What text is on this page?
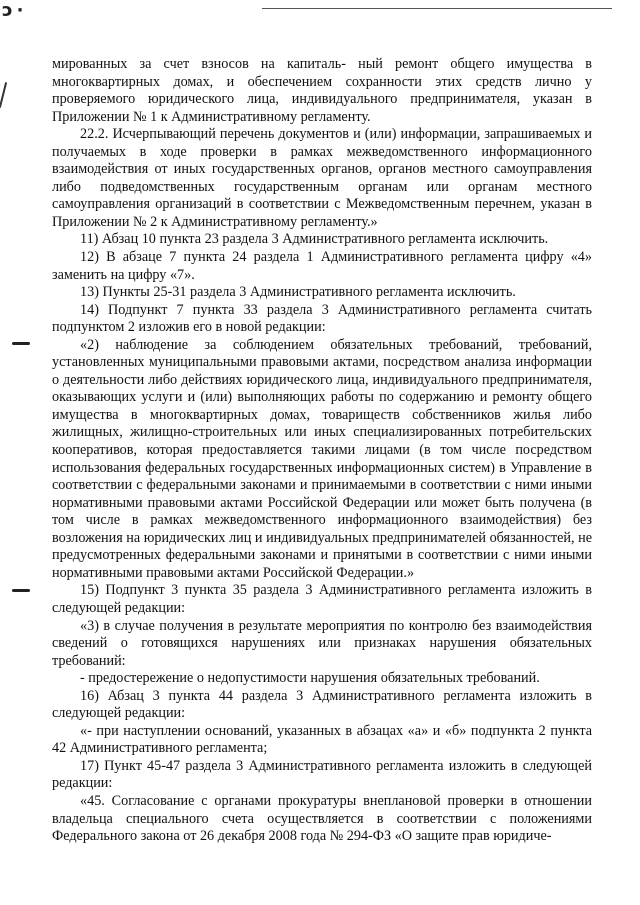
ͻ·

мированных за счет взносов на капиталь- ный ремонт общего имущества в многоквартирных домах, и обеспечением сохранности этих средств лично у проверяемого юридического лица, индивидуального предпринимателя, указан в Приложении № 1 к Административному регламенту.

22.2. Исчерпывающий перечень документов и (или) информации, запрашиваемых и получаемых в ходе проверки в рамках межведомственного информационного взаимодействия от иных государственных органов, органов местного самоуправления либо подведомственных государственным органам или органам местного самоуправления организаций в соответствии с Межведомственным перечнем, указан в Приложении № 2 к Административному регламенту.»

11) Абзац 10 пункта 23 раздела 3 Административного регламента исключить.

12) В абзаце 7 пункта 24 раздела 1 Административного регламента цифру «4» заменить на цифру «7».

13) Пункты 25-31 раздела 3 Административного регламента исключить.

14) Подпункт 7 пункта 33 раздела 3 Административного регламента считать подпунктом 2 изложив его в новой редакции:

«2) наблюдение за соблюдением обязательных требований, требований, установленных муниципальными правовыми актами, посредством анализа информации о деятельности либо действиях юридического лица, индивидуального предпринимателя, оказывающих услуги и (или) выполняющих работы по содержанию и ремонту общего имущества в многоквартирных домах, товариществ собственников жилья либо жилищных, жилищно-строительных или иных специализированных потребительских кооперативов, которая предоставляется такими лицами (в том числе посредством использования федеральных государственных информационных систем) в Управление в соответствии с федеральными законами и принимаемыми в соответствии с ними иными нормативными правовыми актами Российской Федерации или может быть получена (в том числе в рамках межведомственного информационного взаимодействия) без возложения на юридических лиц и индивидуальных предпринимателей обязанностей, не предусмотренных федеральными законами и принятыми в соответствии с ними иными нормативными правовыми актами Российской Федерации.»

15) Подпункт 3 пункта 35 раздела 3 Административного регламента изложить в следующей редакции:

«3) в случае получения в результате мероприятия по контролю без взаимодействия сведений о готовящихся нарушениях или признаках нарушения обязательных требований:

- предостережение о недопустимости нарушения обязательных требований.

16) Абзац 3 пункта 44 раздела 3 Административного регламента изложить в следующей редакции:

«- при наступлении оснований, указанных в абзацах «а» и «б» подпункта 2 пункта 42 Административного регламента;

17) Пункт 45-47 раздела 3 Административного регламента изложить в следующей редакции:

«45. Согласование с органами прокуратуры внеплановой проверки в отношении владельца специального счета осуществляется в соответствии с положениями Федерального закона от 26 декабря 2008 года № 294-ФЗ «О защите прав юридиче-
